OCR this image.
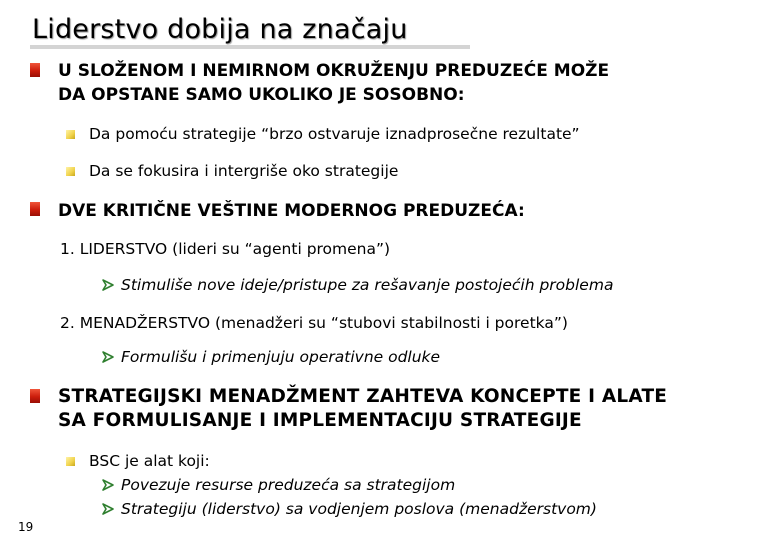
Liderstvo dobija na značaju

U SLOŽENOM I NEMIRNOM OKRUŽENJU PREDUZEĆE MOŽE

DA OPSTANE SAMO UKOLIKO JE SOSOBNO:

Da pomoću strategije “brzo ostvaruje iznadprosečne rezultate”

Da se fokusira i intergriše oko strategije

DVE KRITIČNE VEŠTINE MODERNOG PREDUZEĆA:

1. LIDERSTVO (lideri su “agenti promena”)

Stimuliše nove ideje/pristupe za rešavanje postojećih problema

2. MENADŽERSTVO (menadžeri su “stubovi stabilnosti i poretka”)

Formulišu i primenjuju operativne odluke

STRATEGIJSKI MENADŽMENT ZAHTEVA KONCEPTE I ALATE

SA FORMULISANJE I IMPLEMENTACIJU STRATEGIJE

BSC je alat koji:

Povezuje resurse preduzeća sa strategijom

Strategiju (liderstvo) sa vodjenjem poslova (menadžerstvom)

19
